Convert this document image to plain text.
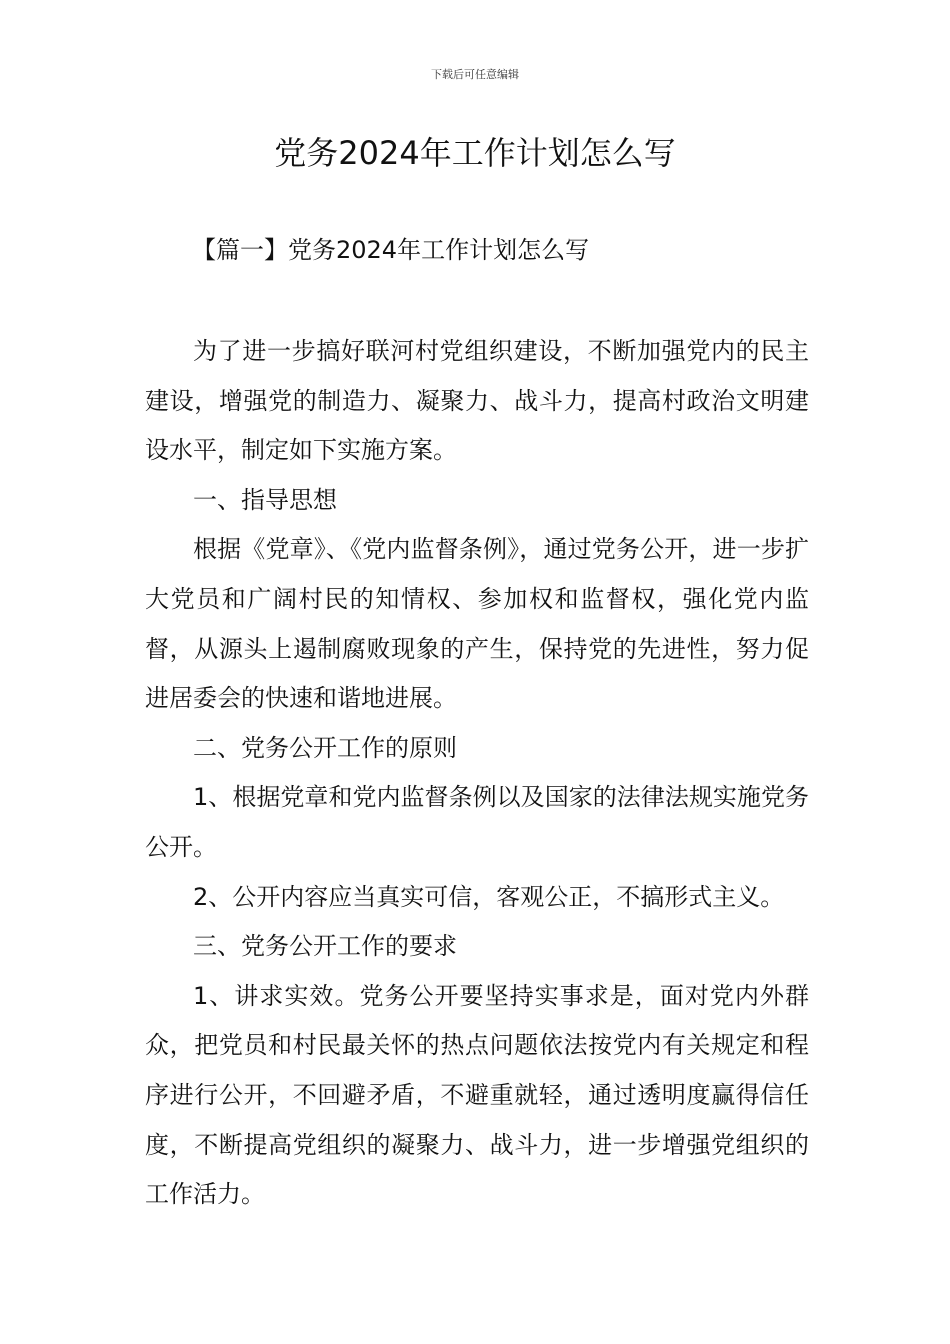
下载后可任意编辑
党务2024年工作计划怎么写
【篇一】党务2024年工作计划怎么写

为了进一步搞好联河村党组织建设，不断加强党内的民主建设，增强党的制造力、凝聚力、战斗力，提高村政治文明建设水平，制定如下实施方案。

一、指导思想

根据《党章》、《党内监督条例》，通过党务公开，进一步扩大党员和广阔村民的知情权、参加权和监督权，强化党内监督，从源头上遏制腐败现象的产生，保持党的先进性，努力促进居委会的快速和谐地进展。

二、党务公开工作的原则

1、根据党章和党内监督条例以及国家的法律法规实施党务公开。

2、公开内容应当真实可信，客观公正，不搞形式主义。

三、党务公开工作的要求

1、讲求实效。党务公开要坚持实事求是，面对党内外群众，把党员和村民最关怀的热点问题依法按党内有关规定和程序进行公开，不回避矛盾，不避重就轻，通过透明度赢得信任度，不断提高党组织的凝聚力、战斗力，进一步增强党组织的工作活力。
